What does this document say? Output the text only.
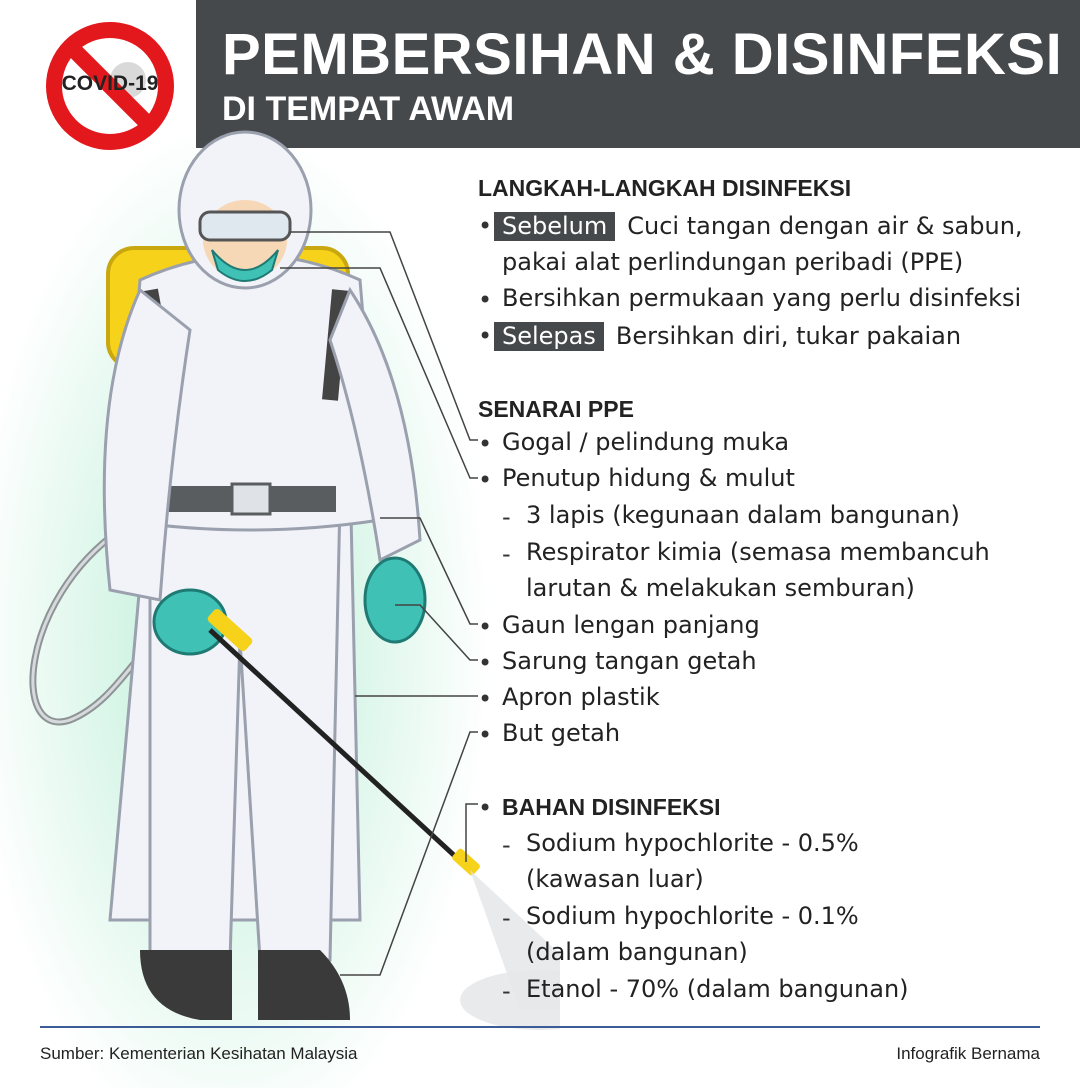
PEMBERSIHAN & DISINFEKSI
DI TEMPAT AWAM
COVID-19
LANGKAH-LANGKAH DISINFEKSI
• Sebelum Cuci tangan dengan air & sabun,
pakai alat perlindungan peribadi (PPE)
• Bersihkan permukaan yang perlu disinfeksi
• Selepas Bersihkan diri, tukar pakaian
SENARAI PPE
• Gogal / pelindung muka
• Penutup hidung & mulut
- 3 lapis (kegunaan dalam bangunan)
- Respirator kimia (semasa membancuh
larutan & melakukan semburan)
• Gaun lengan panjang
• Sarung tangan getah
• Apron plastik
• But getah
• BAHAN DISINFEKSI
- Sodium hypochlorite - 0.5%
(kawasan luar)
- Sodium hypochlorite - 0.1%
(dalam bangunan)
- Etanol - 70% (dalam bangunan)
Sumber: Kementerian Kesihatan Malaysia	Infografik Bernama
